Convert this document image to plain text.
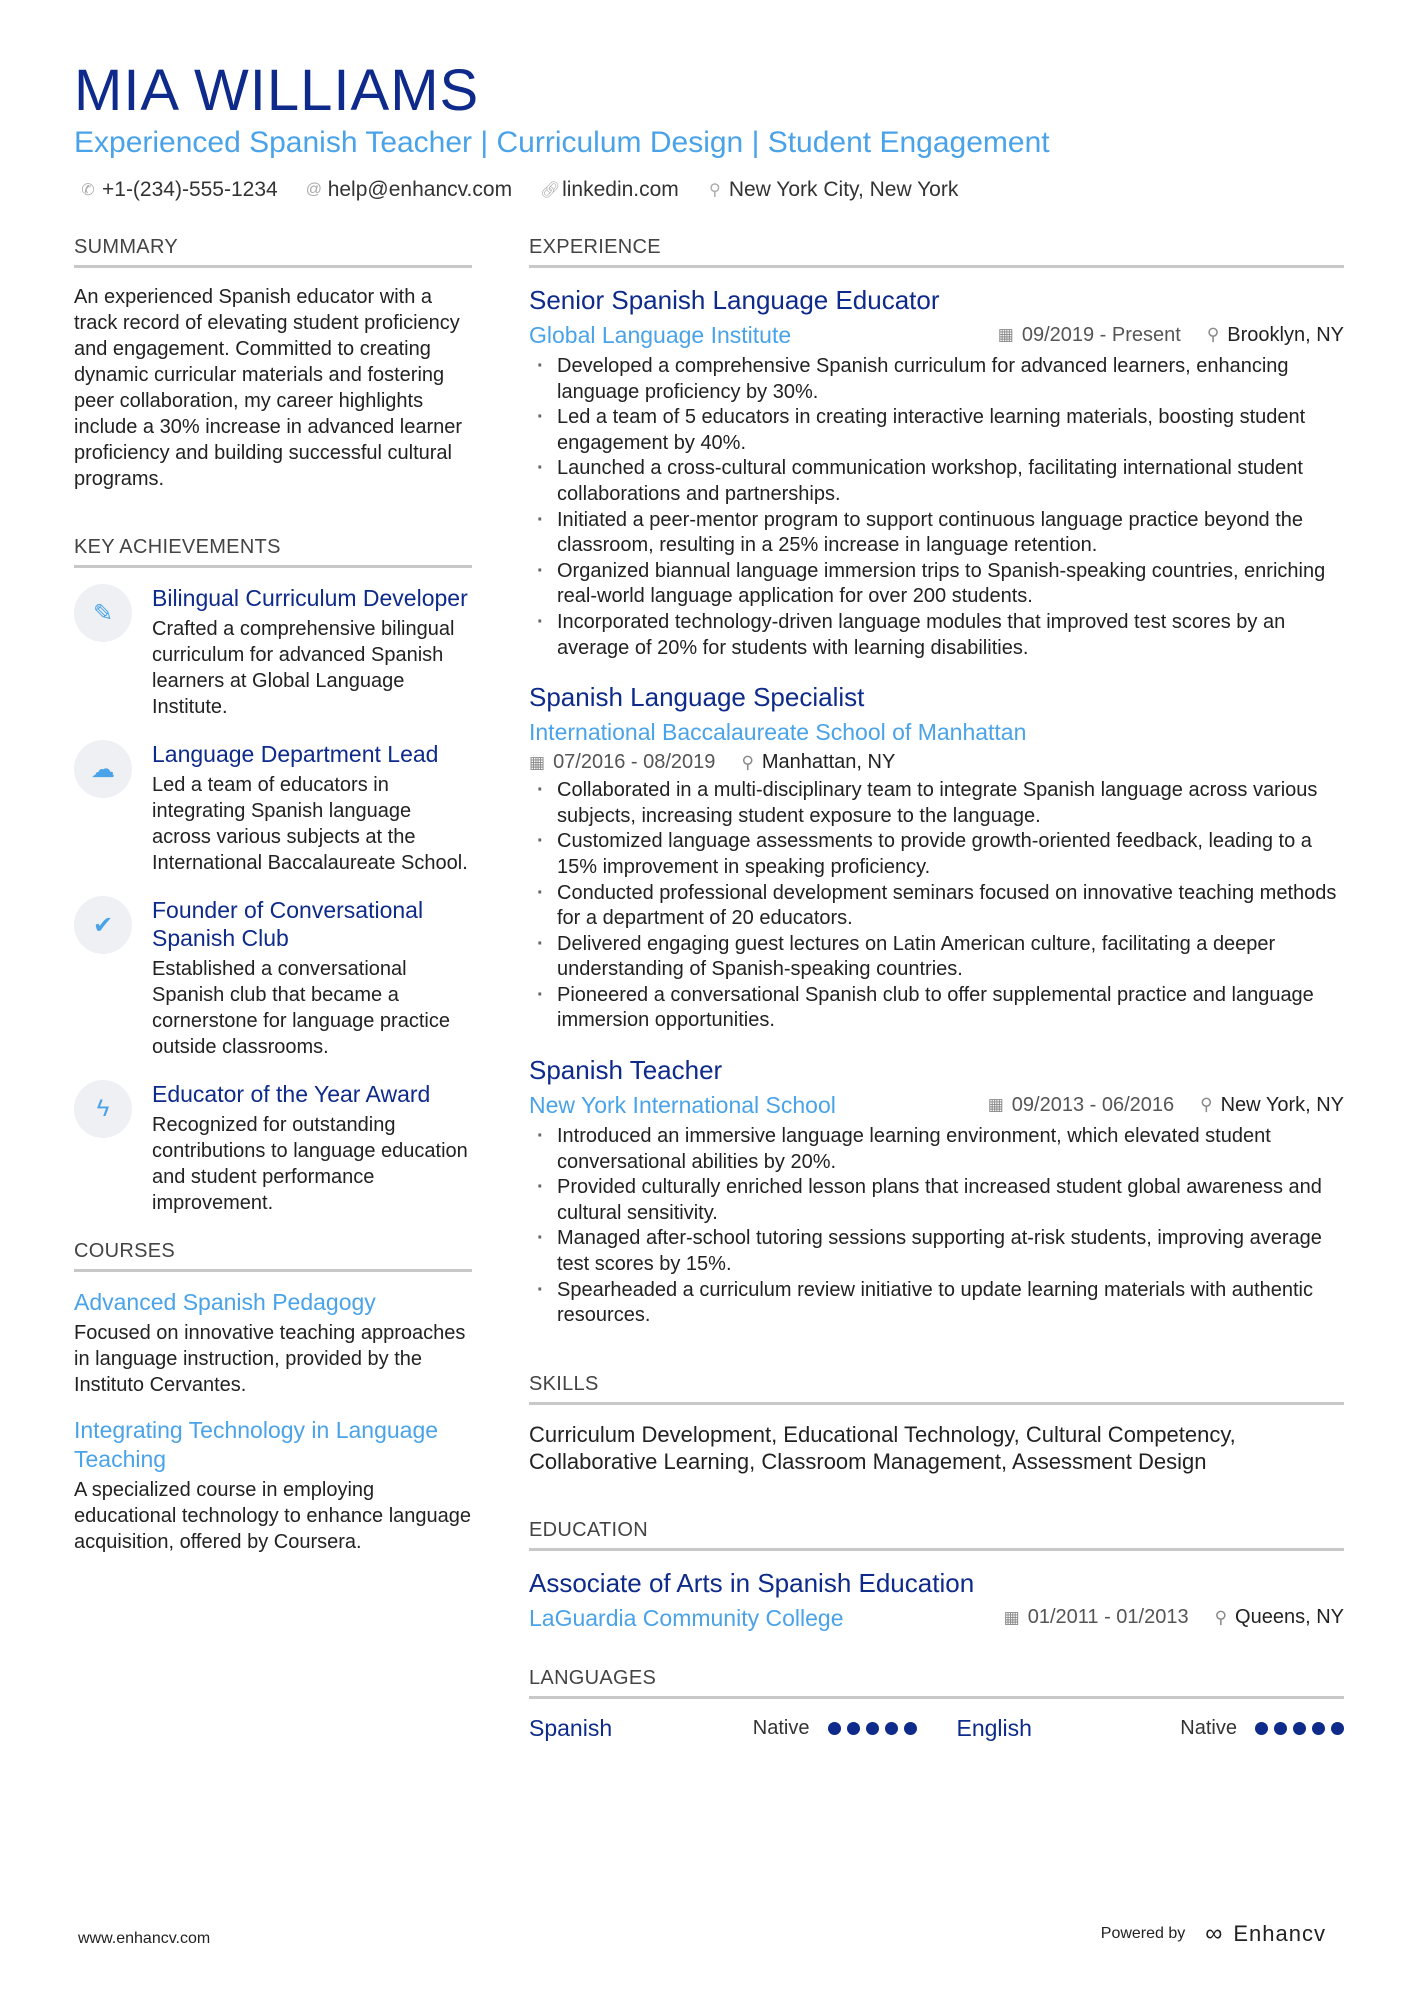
MIA WILLIAMS
Experienced Spanish Teacher | Curriculum Design | Student Engagement
✆ +1-(234)-555-1234 @ help@enhancv.com 🔗︎ linkedin.com ⚲ New York City, New York
SUMMARY

An experienced Spanish educator with a track record of elevating student proficiency and engagement. Committed to creating dynamic curricular materials and fostering peer collaboration, my career highlights include a 30% increase in advanced learner proficiency and building successful cultural programs.

KEY ACHIEVEMENTS
✎
Bilingual Curriculum Developer
Crafted a comprehensive bilingual curriculum for advanced Spanish learners at Global Language Institute.
☁
Language Department Lead
Led a team of educators in integrating Spanish language across various subjects at the International Baccalaureate School.
✔
Founder of Conversational Spanish Club
Established a conversational Spanish club that became a cornerstone for language practice outside classrooms.
ϟ
Educator of the Year Award
Recognized for outstanding contributions to language education and student performance improvement.
COURSES
Advanced Spanish Pedagogy
Focused on innovative teaching approaches in language instruction, provided by the Instituto Cervantes.
Integrating Technology in Language Teaching
A specialized course in employing educational technology to enhance language acquisition, offered by Coursera.
EXPERIENCE
Senior Spanish Language Educator
Global Language Institute	▦ 09/2019 - Present ⚲ Brooklyn, NY
· Developed a comprehensive Spanish curriculum for advanced learners, enhancing language proficiency by 30%.
· Led a team of 5 educators in creating interactive learning materials, boosting student engagement by 40%.
· Launched a cross-cultural communication workshop, facilitating international student collaborations and partnerships.
· Initiated a peer-mentor program to support continuous language practice beyond the classroom, resulting in a 25% increase in language retention.
· Organized biannual language immersion trips to Spanish-speaking countries, enriching real-world language application for over 200 students.
· Incorporated technology-driven language modules that improved test scores by an average of 20% for students with learning disabilities.
Spanish Language Specialist
International Baccalaureate School of Manhattan
▦ 07/2016 - 08/2019 ⚲ Manhattan, NY
· Collaborated in a multi-disciplinary team to integrate Spanish language across various subjects, increasing student exposure to the language.
· Customized language assessments to provide growth-oriented feedback, leading to a 15% improvement in speaking proficiency.
· Conducted professional development seminars focused on innovative teaching methods for a department of 20 educators.
· Delivered engaging guest lectures on Latin American culture, facilitating a deeper understanding of Spanish-speaking countries.
· Pioneered a conversational Spanish club to offer supplemental practice and language immersion opportunities.
Spanish Teacher
New York International School	▦ 09/2013 - 06/2016 ⚲ New York, NY
· Introduced an immersive language learning environment, which elevated student conversational abilities by 20%.
· Provided culturally enriched lesson plans that increased student global awareness and cultural sensitivity.
· Managed after-school tutoring sessions supporting at-risk students, improving average test scores by 15%.
· Spearheaded a curriculum review initiative to update learning materials with authentic resources.
SKILLS
Curriculum Development, Educational Technology, Cultural Competency, Collaborative Learning, Classroom Management, Assessment Design
EDUCATION
Associate of Arts in Spanish Education
LaGuardia Community College	▦ 01/2011 - 01/2013 ⚲ Queens, NY
LANGUAGES
Spanish	Native	English	Native
www.enhancv.com	Powered by ∞ Enhancv
